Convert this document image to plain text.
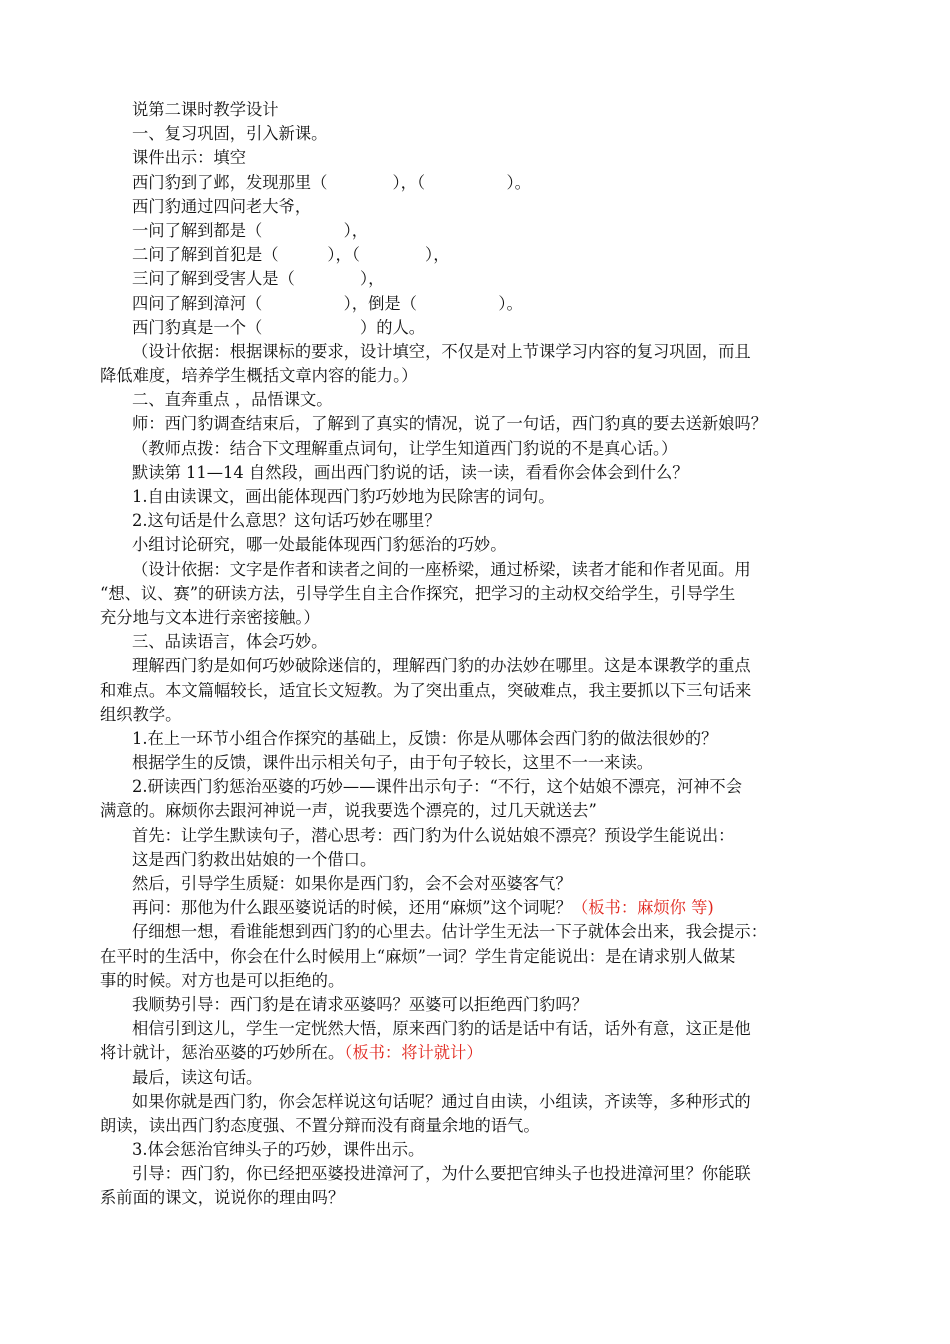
说第二课时教学设计
一、复习巩固，引入新课。
课件出示：填空
西门豹到了邺，发现那里（　　　　），（　　　　　）。
西门豹通过四问老大爷，
一问了解到都是（　　　　　），
二问了解到首犯是（　　　），（　　　　），
三问了解到受害人是（　　　　），
四问了解到漳河（　　　　　），倒是（　　　　　）。
西门豹真是一个（　　　　　　）的人。
（设计依据：根据课标的要求，设计填空，不仅是对上节课学习内容的复习巩固，而且
降低难度，培养学生概括文章内容的能力。）
二、直奔重点 ，品悟课文。
师：西门豹调查结束后，了解到了真实的情况，说了一句话，西门豹真的要去送新娘吗？
（教师点拨：结合下文理解重点词句，让学生知道西门豹说的不是真心话。）
默读第 11—14 自然段，画出西门豹说的话，读一读，看看你会体会到什么？
1.自由读课文，画出能体现西门豹巧妙地为民除害的词句。
2.这句话是什么意思？这句话巧妙在哪里？
小组讨论研究，哪一处最能体现西门豹惩治的巧妙。
（设计依据：文字是作者和读者之间的一座桥梁，通过桥梁，读者才能和作者见面。用
“想、议、赛”的研读方法，引导学生自主合作探究，把学习的主动权交给学生，引导学生
充分地与文本进行亲密接触。）
三、品读语言，体会巧妙。
理解西门豹是如何巧妙破除迷信的，理解西门豹的办法妙在哪里。这是本课教学的重点
和难点。本文篇幅较长，适宜长文短教。为了突出重点，突破难点，我主要抓以下三句话来
组织教学。
1.在上一环节小组合作探究的基础上，反馈：你是从哪体会西门豹的做法很妙的？
根据学生的反馈，课件出示相关句子，由于句子较长，这里不一一来读。
2.研读西门豹惩治巫婆的巧妙——课件出示句子：“不行，这个姑娘不漂亮，河神不会
满意的。麻烦你去跟河神说一声，说我要选个漂亮的，过几天就送去”
首先：让学生默读句子，潜心思考：西门豹为什么说姑娘不漂亮？预设学生能说出：
这是西门豹救出姑娘的一个借口。
然后，引导学生质疑：如果你是西门豹，会不会对巫婆客气？
再问：那他为什么跟巫婆说话的时候，还用“麻烦”这个词呢？（板书：麻烦你 等)
仔细想一想，看谁能想到西门豹的心里去。估计学生无法一下子就体会出来，我会提示：
在平时的生活中，你会在什么时候用上“麻烦”一词？学生肯定能说出：是在请求别人做某
事的时候。对方也是可以拒绝的。
我顺势引导：西门豹是在请求巫婆吗？巫婆可以拒绝西门豹吗？
相信引到这儿，学生一定恍然大悟，原来西门豹的话是话中有话，话外有意，这正是他
将计就计，惩治巫婆的巧妙所在。（板书：将计就计）
最后，读这句话。
如果你就是西门豹，你会怎样说这句话呢？通过自由读，小组读，齐读等，多种形式的
朗读，读出西门豹态度强、不置分辩而没有商量余地的语气。
3.体会惩治官绅头子的巧妙，课件出示。
引导：西门豹，你已经把巫婆投进漳河了，为什么要把官绅头子也投进漳河里？你能联
系前面的课文，说说你的理由吗？
